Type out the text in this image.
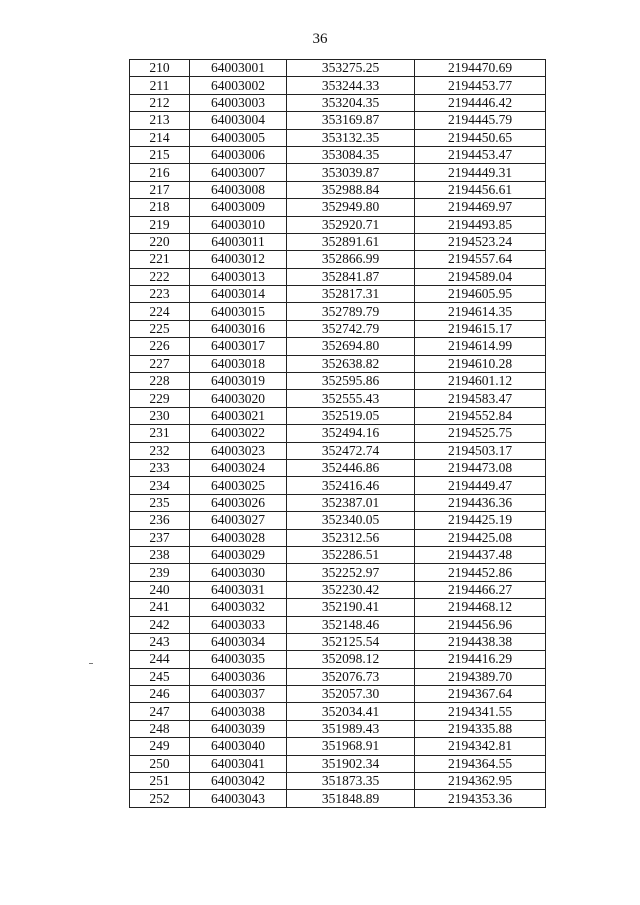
36
210	64003001	353275.25	2194470.69
211	64003002	353244.33	2194453.77
212	64003003	353204.35	2194446.42
213	64003004	353169.87	2194445.79
214	64003005	353132.35	2194450.65
215	64003006	353084.35	2194453.47
216	64003007	353039.87	2194449.31
217	64003008	352988.84	2194456.61
218	64003009	352949.80	2194469.97
219	64003010	352920.71	2194493.85
220	64003011	352891.61	2194523.24
221	64003012	352866.99	2194557.64
222	64003013	352841.87	2194589.04
223	64003014	352817.31	2194605.95
224	64003015	352789.79	2194614.35
225	64003016	352742.79	2194615.17
226	64003017	352694.80	2194614.99
227	64003018	352638.82	2194610.28
228	64003019	352595.86	2194601.12
229	64003020	352555.43	2194583.47
230	64003021	352519.05	2194552.84
231	64003022	352494.16	2194525.75
232	64003023	352472.74	2194503.17
233	64003024	352446.86	2194473.08
234	64003025	352416.46	2194449.47
235	64003026	352387.01	2194436.36
236	64003027	352340.05	2194425.19
237	64003028	352312.56	2194425.08
238	64003029	352286.51	2194437.48
239	64003030	352252.97	2194452.86
240	64003031	352230.42	2194466.27
241	64003032	352190.41	2194468.12
242	64003033	352148.46	2194456.96
243	64003034	352125.54	2194438.38
244	64003035	352098.12	2194416.29
245	64003036	352076.73	2194389.70
246	64003037	352057.30	2194367.64
247	64003038	352034.41	2194341.55
248	64003039	351989.43	2194335.88
249	64003040	351968.91	2194342.81
250	64003041	351902.34	2194364.55
251	64003042	351873.35	2194362.95
252	64003043	351848.89	2194353.36
